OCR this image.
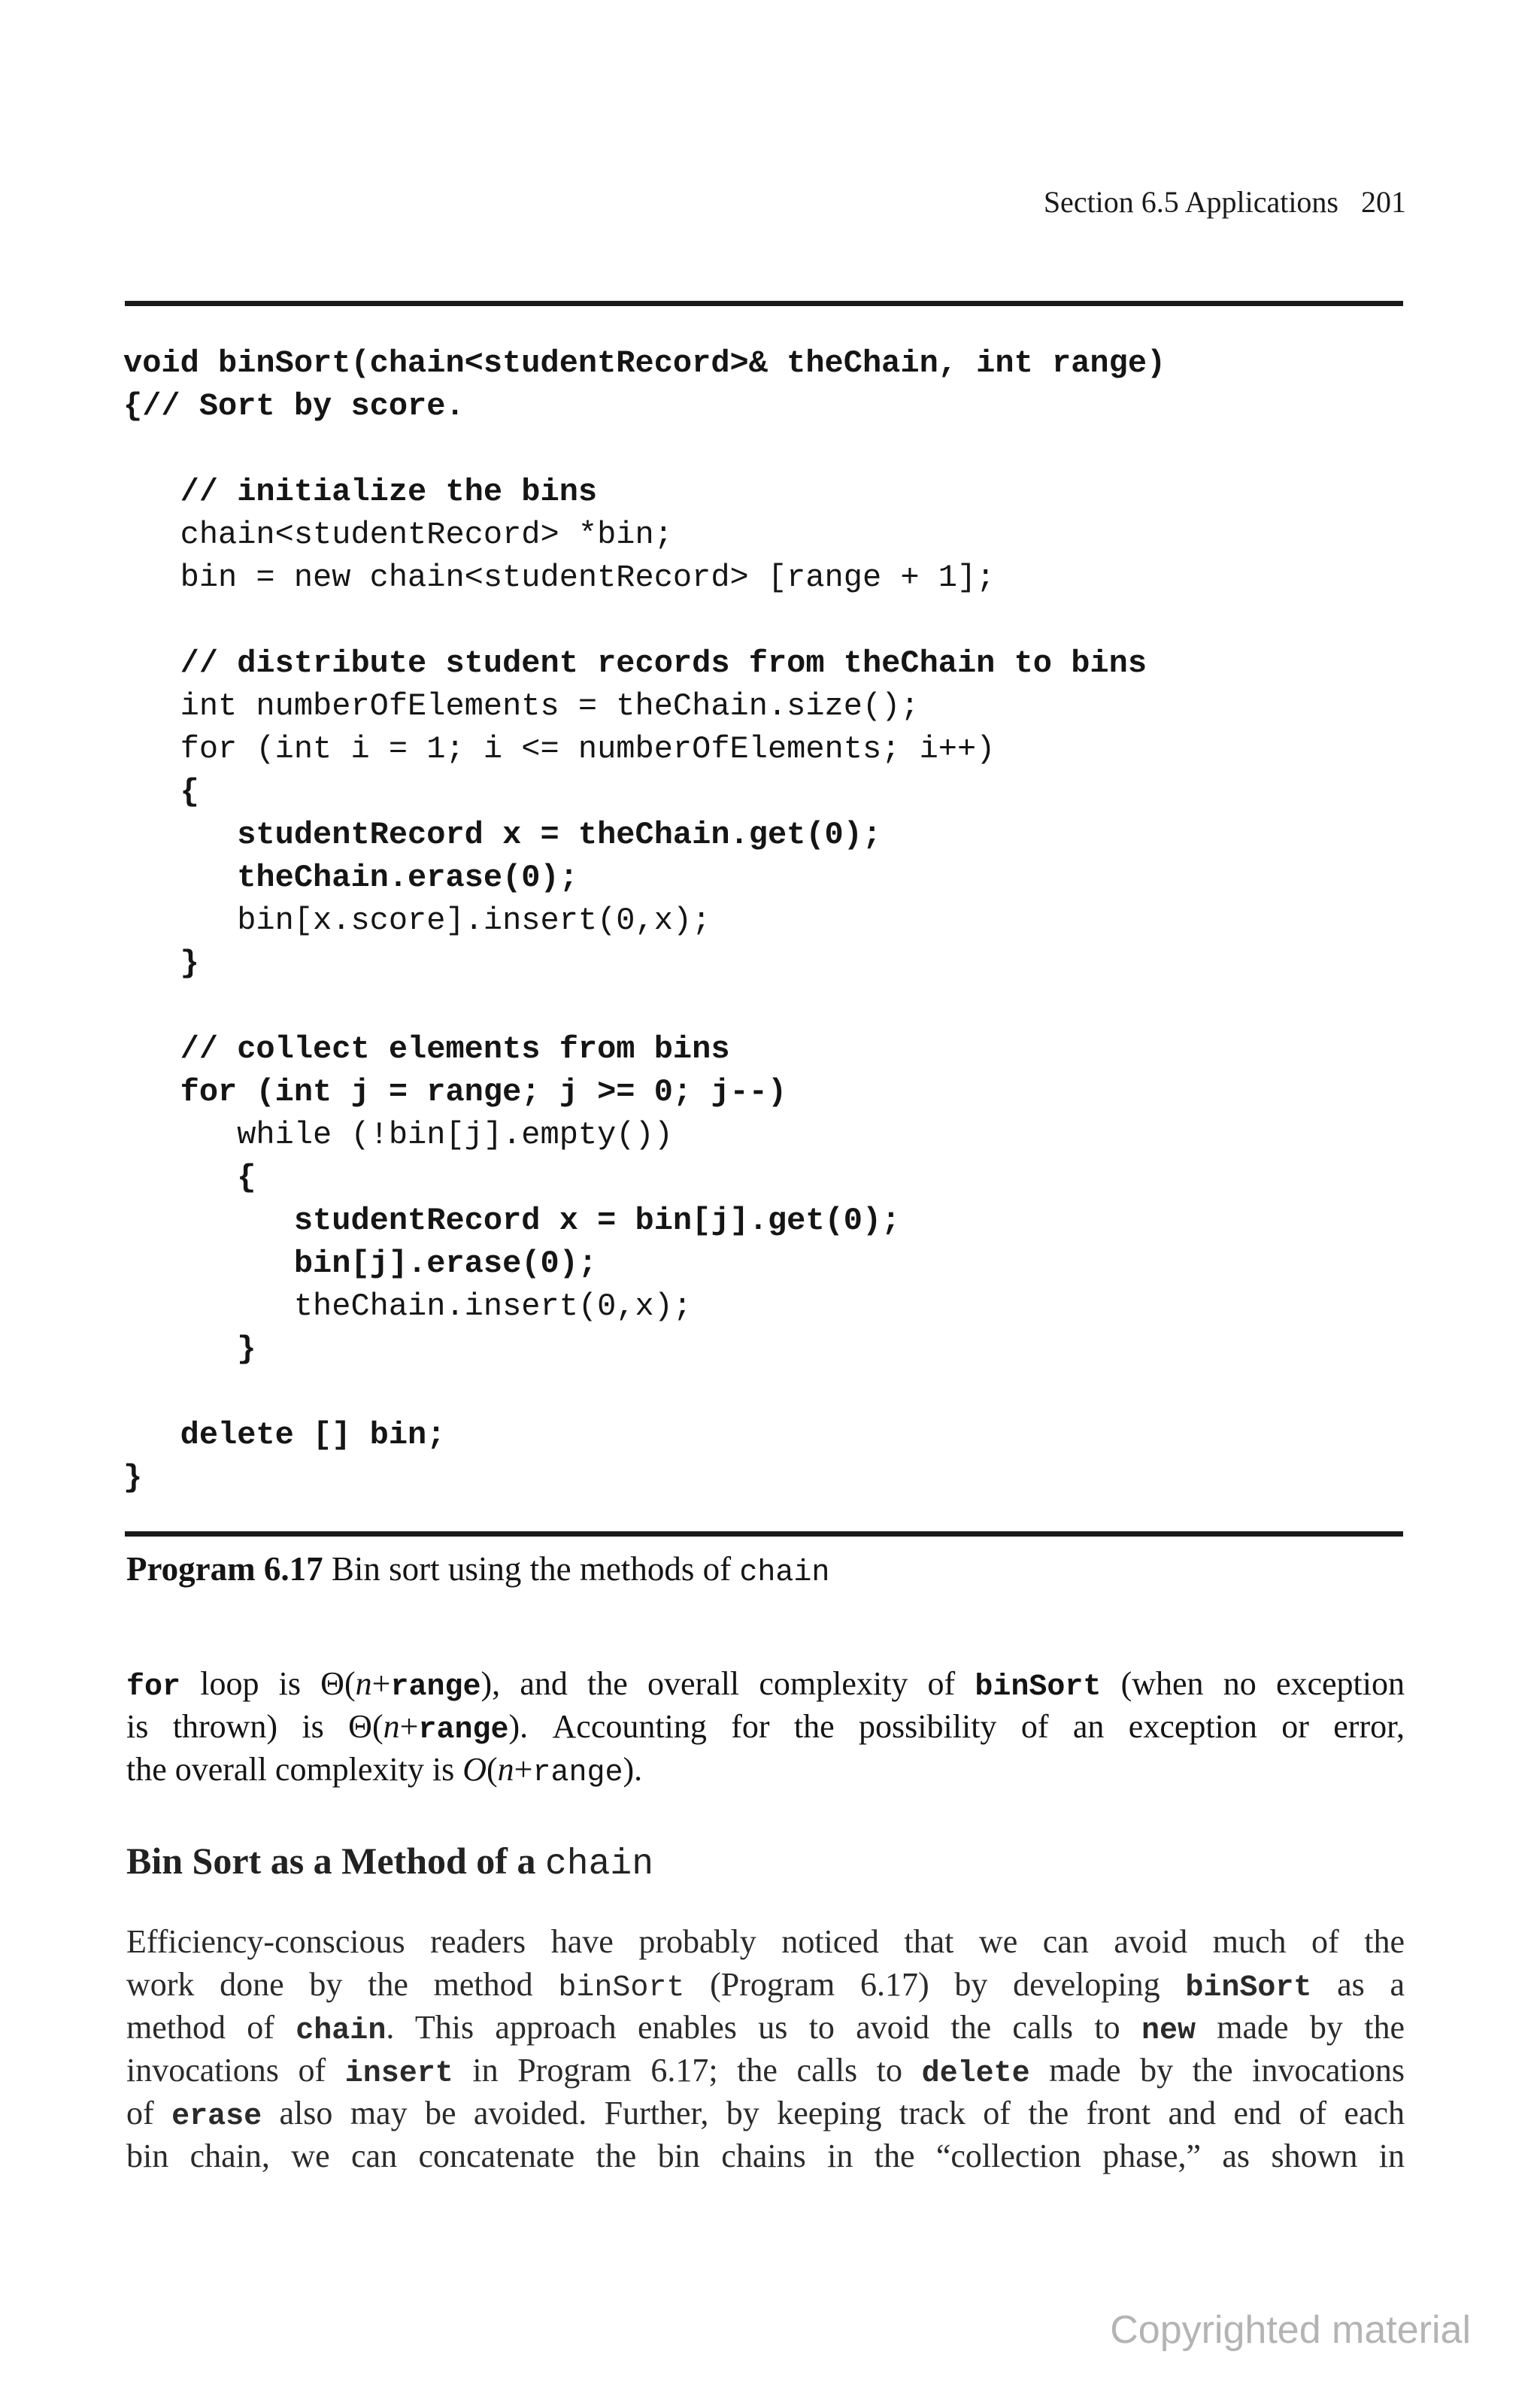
Section 6.5 Applications 201
void binSort(chain<studentRecord>& theChain, int range)
{// Sort by score.
// initialize the bins
chain<studentRecord> *bin;
bin = new chain<studentRecord> [range + 1];
// distribute student records from theChain to bins
int numberOfElements = theChain.size();
for (int i = 1; i <= numberOfElements; i++)
{
studentRecord x = theChain.get(0);
theChain.erase(0);
bin[x.score].insert(0,x);
}
// collect elements from bins
for (int j = range; j >= 0; j--)
while (!bin[j].empty())
{
studentRecord x = bin[j].get(0);
bin[j].erase(0);
theChain.insert(0,x);
}
delete [] bin;
}
Program 6.17 Bin sort using the methods of chain
for loop is Θ(n+range), and the overall complexity of binSort (when no exception
is thrown) is Θ(n+range). Accounting for the possibility of an exception or error,
the overall complexity is O(n+range).
Bin Sort as a Method of a chain
Efficiency-conscious readers have probably noticed that we can avoid much of the
work done by the method binSort (Program 6.17) by developing binSort as a
method of chain. This approach enables us to avoid the calls to new made by the
invocations of insert in Program 6.17; the calls to delete made by the invocations
of erase also may be avoided. Further, by keeping track of the front and end of each
bin chain, we can concatenate the bin chains in the “collection phase,” as shown in
Copyrighted material
